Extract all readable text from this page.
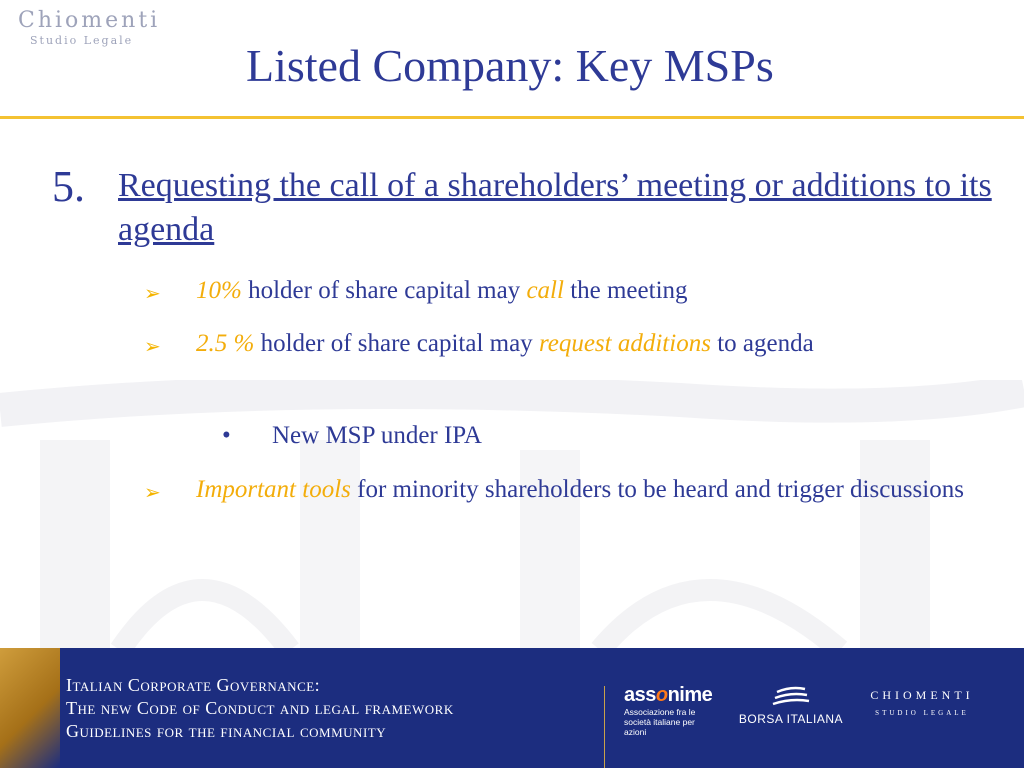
Chiomenti
Studio Legale	Listed Company: Key MSPs
5. Requesting the call of a shareholders’ meeting or additions to its agenda
➢ 10% holder of share capital may call the meeting
➢ 2.5 % holder of share capital may request additions to agenda
• New MSP under IPA
➢ Important tools for minority shareholders to be heard and trigger discussions
Italian Corporate Governance:
The new Code of Conduct and legal framework
Guidelines for the financial community
assonime
Associazione fra le società italiane per azioni
BORSA ITALIANA
CHIOMENTI
STUDIO LEGALE
